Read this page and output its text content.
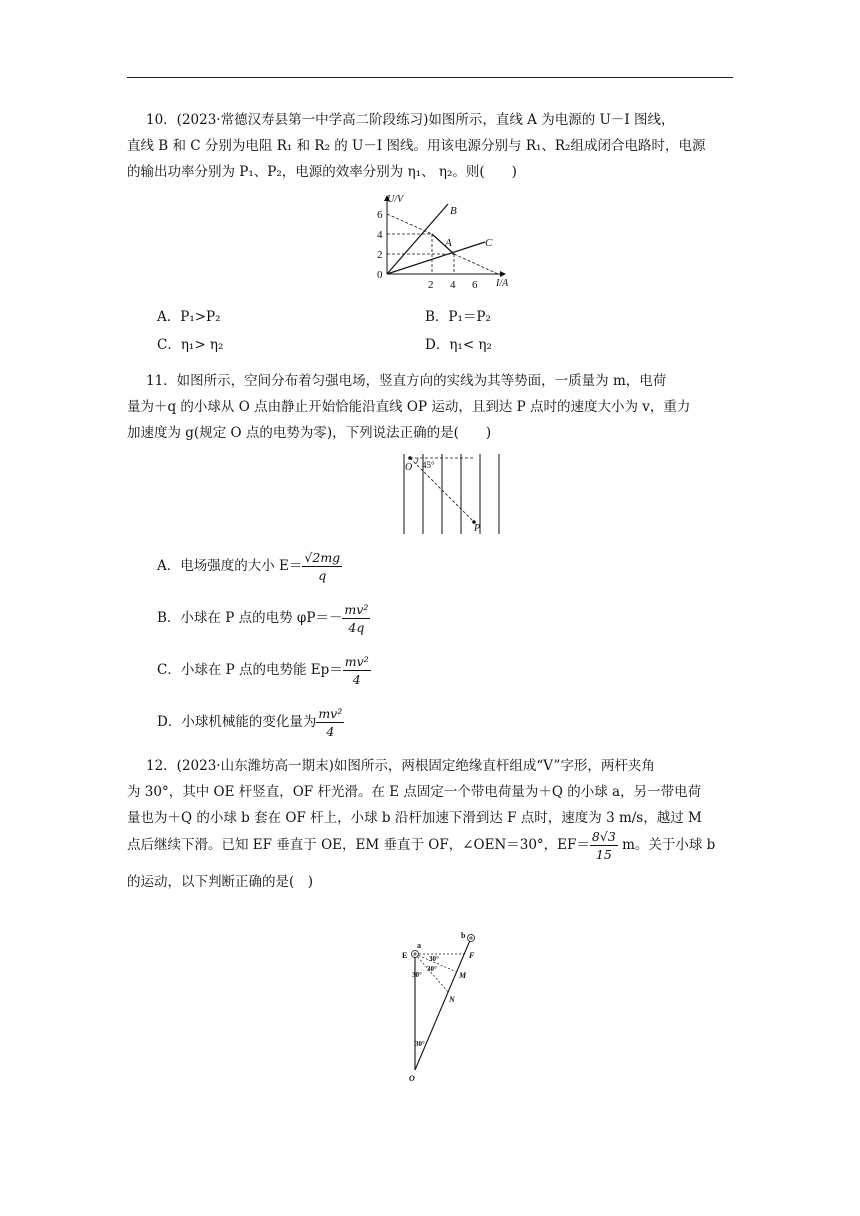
10．(2023·常德汉寿县第一中学高二阶段练习)如图所示，直线 A 为电源的 U－I 图线，
直线 B 和 C 分别为电阻 R₁ 和 R₂ 的 U－I 图线。用该电源分别与 R₁、R₂组成闭合电路时，电源
的输出功率分别为 P₁、P₂，电源的效率分别为 η₁、 η₂。则(　　)
U/V
I/A
0
2
4
6
2 4 6
A
B
C
A．P₁>P₂	B．P₁＝P₂
C．η₁> η₂	D．η₁< η₂
11．如图所示，空间分布着匀强电场，竖直方向的实线为其等势面，一质量为 m，电荷
量为＋q 的小球从 O 点由静止开始恰能沿直线 OP 运动，且到达 P 点时的速度大小为 v，重力
加速度为 g(规定 O 点的电势为零)，下列说法正确的是(　　)
O 45°
P
A．电场强度的大小 $E= \frac{√2mg}{q}$
B．小球在 P 点的电势 $\varphi P=- \frac{\text{mv²}}{4q}$
C．小球在 P 点的电势能 $Ep= \frac{\text{mv²}}{4}$
D．小球机械能的变化量为 $\frac{\text{mv²}}{4}$
12．(2023·山东潍坊高一期末)如图所示，两根固定绝缘直杆组成“V”字形，两杆夹角
为 30°，其中 OE 杆竖直，OF 杆光滑。在 E 点固定一个带电荷量为＋Q 的小球 a，另一带电荷
量也为＋Q 的小球 b 套在 OF 杆上，小球 b 沿杆加速下滑到达 F 点时，速度为 3 m/s，越过 M
点后继续下滑。已知 EF 垂直于 OE，EM 垂直于 OF，∠OEN＝30°，$EF= \frac{8√3}{15}$ m。关于小球 b
的运动，以下判断正确的是(　)
E
a
b
F
M
N
O
30°
30°
30°
30°
